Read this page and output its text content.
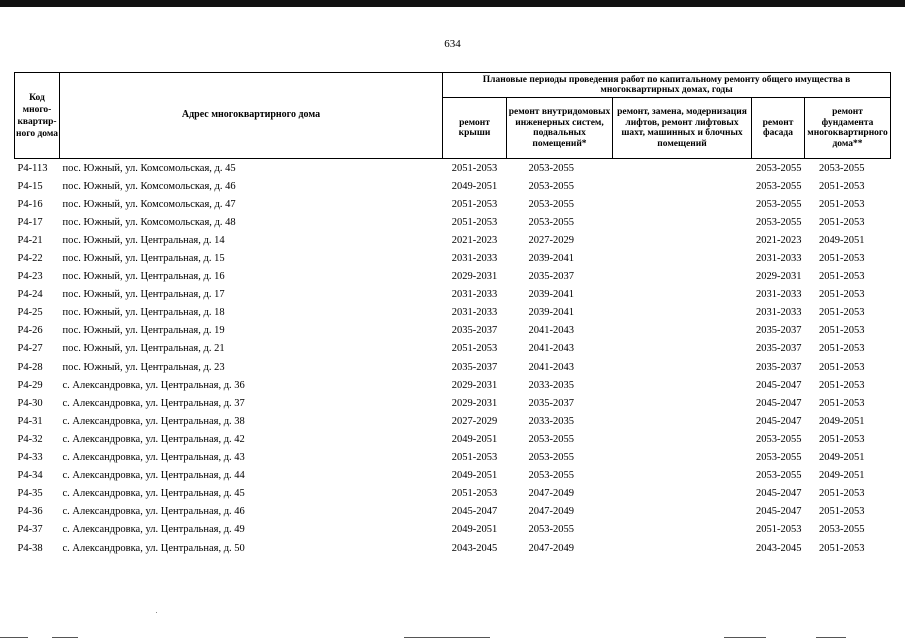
634
Код много-квартир-ного дома	Адрес многоквартирного дома	Плановые периоды проведения работ по капитальному ремонту общего имущества в многоквартирных домах, годы				
		ремонт крыши	ремонт внутридомовых инженерных систем, подвальных помещений*	ремонт, замена, модернизация лифтов, ремонт лифтовых шахт, машинных и блочных помещений	ремонт фасада	ремонт фундамента многоквартирного дома**
Р4-113	пос. Южный, ул. Комсомольская, д. 45	2051-2053	2053-2055		2053-2055	2053-2055
Р4-15	пос. Южный, ул. Комсомольская, д. 46	2049-2051	2053-2055		2053-2055	2051-2053
Р4-16	пос. Южный, ул. Комсомольская, д. 47	2051-2053	2053-2055		2053-2055	2051-2053
Р4-17	пос. Южный, ул. Комсомольская, д. 48	2051-2053	2053-2055		2053-2055	2051-2053
Р4-21	пос. Южный, ул. Центральная, д. 14	2021-2023	2027-2029		2021-2023	2049-2051
Р4-22	пос. Южный, ул. Центральная, д. 15	2031-2033	2039-2041		2031-2033	2051-2053
Р4-23	пос. Южный, ул. Центральная, д. 16	2029-2031	2035-2037		2029-2031	2051-2053
Р4-24	пос. Южный, ул. Центральная, д. 17	2031-2033	2039-2041		2031-2033	2051-2053
Р4-25	пос. Южный, ул. Центральная, д. 18	2031-2033	2039-2041		2031-2033	2051-2053
Р4-26	пос. Южный, ул. Центральная, д. 19	2035-2037	2041-2043		2035-2037	2051-2053
Р4-27	пос. Южный, ул. Центральная, д. 21	2051-2053	2041-2043		2035-2037	2051-2053
Р4-28	пос. Южный, ул. Центральная, д. 23	2035-2037	2041-2043		2035-2037	2051-2053
Р4-29	с. Александровка, ул. Центральная, д. 36	2029-2031	2033-2035		2045-2047	2051-2053
Р4-30	с. Александровка, ул. Центральная, д. 37	2029-2031	2035-2037		2045-2047	2051-2053
Р4-31	с. Александровка, ул. Центральная, д. 38	2027-2029	2033-2035		2045-2047	2049-2051
Р4-32	с. Александровка, ул. Центральная, д. 42	2049-2051	2053-2055		2053-2055	2051-2053
Р4-33	с. Александровка, ул. Центральная, д. 43	2051-2053	2053-2055		2053-2055	2049-2051
Р4-34	с. Александровка, ул. Центральная, д. 44	2049-2051	2053-2055		2053-2055	2049-2051
Р4-35	с. Александровка, ул. Центральная, д. 45	2051-2053	2047-2049		2045-2047	2051-2053
Р4-36	с. Александровка, ул. Центральная, д. 46	2045-2047	2047-2049		2045-2047	2051-2053
Р4-37	с. Александровка, ул. Центральная, д. 49	2049-2051	2053-2055		2051-2053	2053-2055
Р4-38	с. Александровка, ул. Центральная, д. 50	2043-2045	2047-2049		2043-2045	2051-2053
